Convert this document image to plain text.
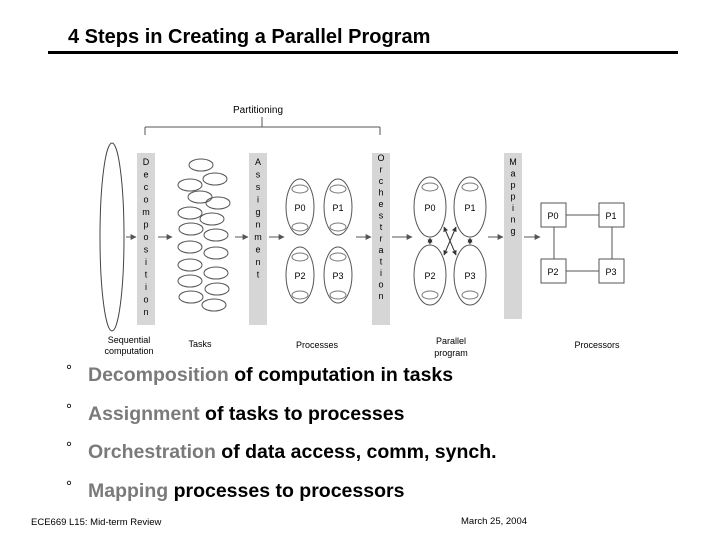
4 Steps in Creating a Parallel Program
Partitioning
D
e
c
o
m
p
o
s
i
t
i
o
n
A
s
s
i
g
n
m
e
n
t
O
r
c
h
e
s
t
r
a
t
i
o
n
M
a
p
p
i
n
g
P0	P1
P2	P3
P0	P1
P2	P3
P0	P1
P2	P3
Sequential
computation
Tasks	Processes	Parallel
program
Processors
° Decomposition of computation in tasks
° Assignment of tasks to processes
° Orchestration of data access, comm, synch.
° Mapping processes to processors
ECE669 L15: Mid-term Review	March 25, 2004
